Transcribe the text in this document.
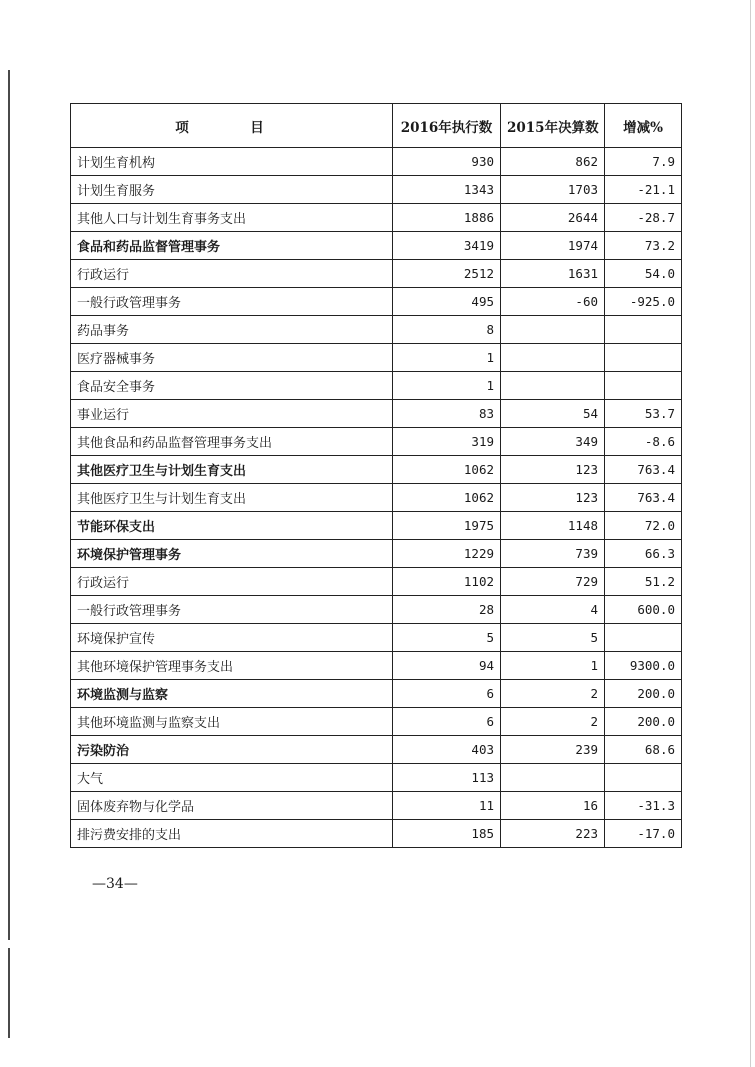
项　目	2016年执行数	2015年决算数	增减%
计划生育机构	930	862	7.9
计划生育服务	1343	1703	-21.1
其他人口与计划生育事务支出	1886	2644	-28.7
食品和药品监督管理事务	3419	1974	73.2
行政运行	2512	1631	54.0
一般行政管理事务	495	-60	-925.0
药品事务	8		
医疗器械事务	1		
食品安全事务	1		
事业运行	83	54	53.7
其他食品和药品监督管理事务支出	319	349	-8.6
其他医疗卫生与计划生育支出	1062	123	763.4
其他医疗卫生与计划生育支出	1062	123	763.4
节能环保支出	1975	1148	72.0
环境保护管理事务	1229	739	66.3
行政运行	1102	729	51.2
一般行政管理事务	28	4	600.0
环境保护宣传	5	5	
其他环境保护管理事务支出	94	1	9300.0
环境监测与监察	6	2	200.0
其他环境监测与监察支出	6	2	200.0
污染防治	403	239	68.6
大气	113		
固体废弃物与化学品	11	16	-31.3
排污费安排的支出	185	223	-17.0
—34—
